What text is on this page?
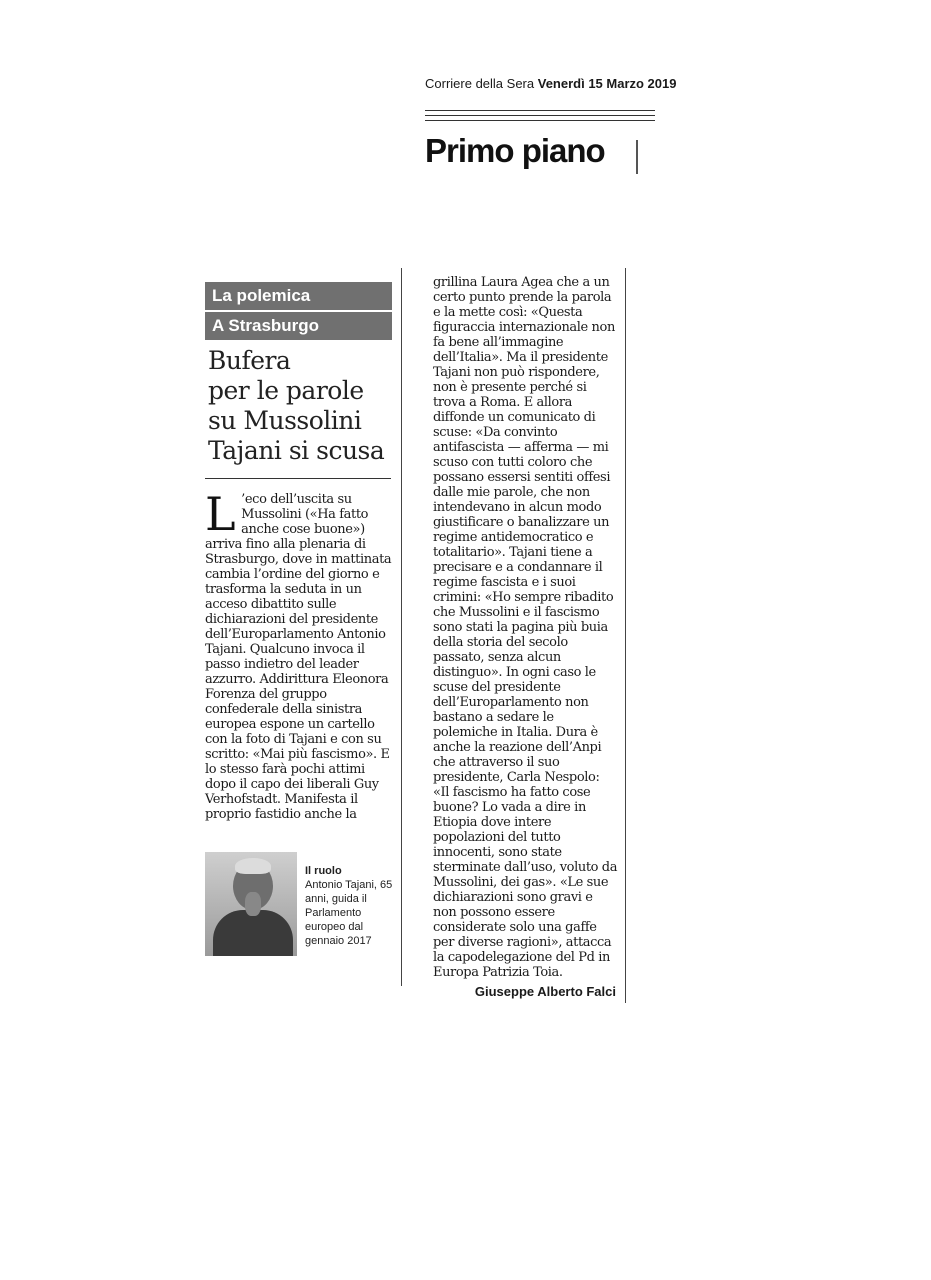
Corriere della Sera Venerdì 15 Marzo 2019
Primo piano
La polemica
A Strasburgo
Bufera
per le parole
su Mussolini
Tajani si scusa
L ’eco dell’uscita su Mussolini («Ha fatto anche cose buone») arriva fino alla plenaria di Strasburgo, dove in mattinata cambia l’ordine del giorno e trasforma la seduta in un acceso dibattito sulle dichiarazioni del presidente dell’Europarlamento Antonio Tajani. Qualcuno invoca il passo indietro del leader azzurro. Addirittura Eleonora Forenza del gruppo confederale della sinistra europea espone un cartello con la foto di Tajani e con su scritto: «Mai più fascismo». E lo stesso farà pochi attimi dopo il capo dei liberali Guy Verhofstadt. Manifesta il proprio fastidio anche la
grillina Laura Agea che a un certo punto prende la parola e la mette così: «Questa figuraccia internazionale non fa bene all’immagine dell’Italia». Ma il presidente Tajani non può rispondere, non è presente perché si trova a Roma. E allora diffonde un comunicato di scuse: «Da convinto antifascista — afferma — mi scuso con tutti coloro che possano essersi sentiti offesi dalle mie parole, che non intendevano in alcun modo giustificare o banalizzare un regime antidemocratico e totalitario». Tajani tiene a precisare e a condannare il regime fascista e i suoi crimini: «Ho sempre ribadito che Mussolini e il fascismo sono stati la pagina più buia della storia del secolo passato, senza alcun distinguo». In ogni caso le scuse del presidente dell’Europarlamento non bastano a sedare le polemiche in Italia. Dura è anche la reazione dell’Anpi che attraverso il suo presidente, Carla Nespolo: «Il fascismo ha fatto cose buone? Lo vada a dire in Etiopia dove intere popolazioni del tutto innocenti, sono state sterminate dall’uso, voluto da Mussolini, dei gas». «Le sue dichiarazioni sono gravi e non possono essere considerate solo una gaffe per diverse ragioni», attacca la capodelegazione del Pd in Europa Patrizia Toia.
Giuseppe Alberto Falci
Il ruolo
Antonio Tajani, 65 anni, guida il Parlamento europeo dal gennaio 2017
